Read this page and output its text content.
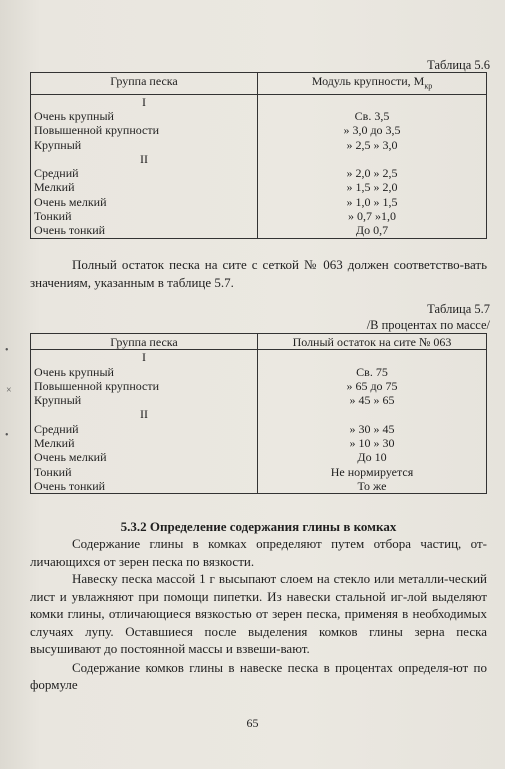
Таблица 5.6
Группа песка	Модуль крупности, $М_{кр}$
I	
Очень крупный	Св. 3,5
Повышенной крупности	» 3,0 до 3,5
Крупный	» 2,5 » 3,0
II	
Средний	» 2,0 » 2,5
Мелкий	» 1,5 » 2,0
Очень мелкий	» 1,0 » 1,5
Тонкий	» 0,7 »1,0
Очень тонкий	До 0,7

Полный остаток песка на сите с сеткой № 063 должен соответство-вать значениям, указанным в таблице 5.7.

Таблица 5.7
/В процентах по массе/
Группа песка	Полный остаток на сите № 063
I	
Очень крупный	Св. 75
Повышенной крупности	» 65 до 75
Крупный	» 45 » 65
II	
Средний	» 30 » 45
Мелкий	» 10 » 30
Очень мелкий	До 10
Тонкий	Не нормируется
Очень тонкий	То же
5.3.2 Определение содержания глины в комках

Содержание глины в комках определяют путем отбора частиц, от-личающихся от зерен песка по вязкости.

Навеску песка массой 1 г высыпают слоем на стекло или металли-ческий лист и увлажняют при помощи пипетки. Из навески стальной иг-лой выделяют комки глины, отличающиеся вязкостью от зерен песка, применяя в необходимых случаях лупу. Оставшиеся после выделения комков глины зерна песка высушивают до постоянной массы и взвеши-вают.

Содержание комков глины в навеске песка в процентах определя-ют по формуле

65
•
×
•
